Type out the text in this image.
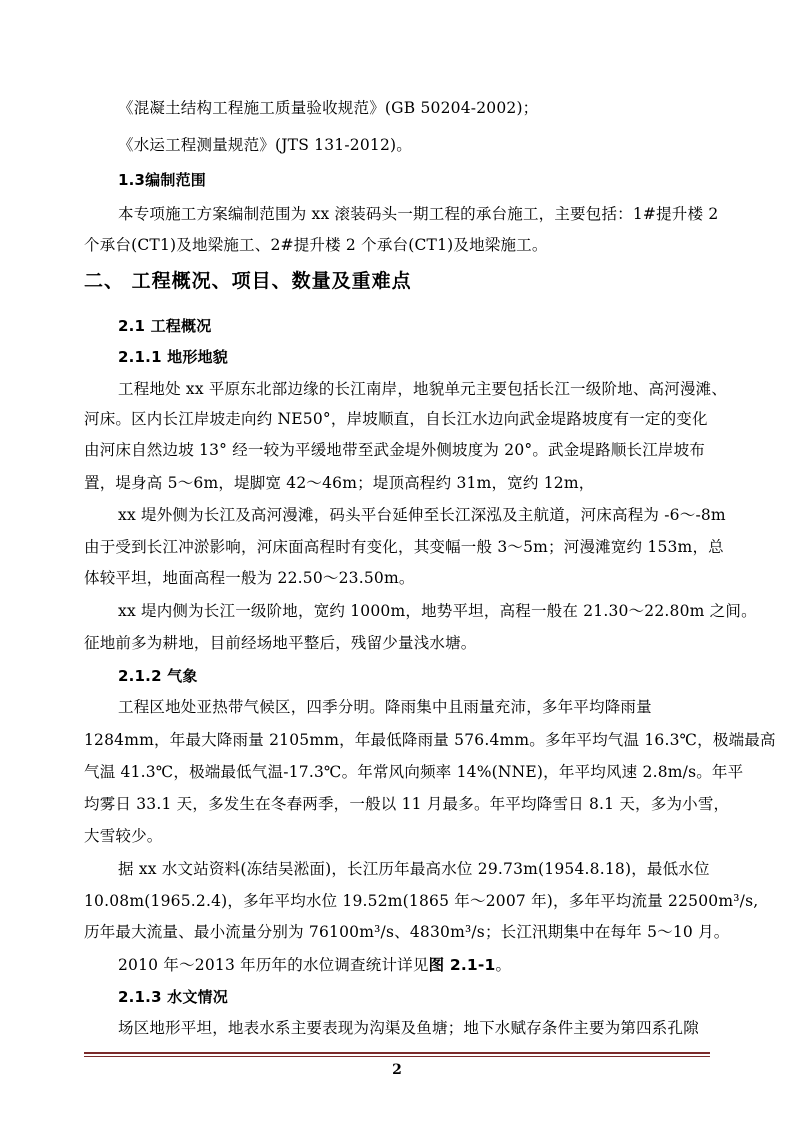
《混凝土结构工程施工质量验收规范》(GB 50204-2002)；
《水运工程测量规范》(JTS 131-2012)。
1.3编制范围
本专项施工方案编制范围为 xx 滚装码头一期工程的承台施工，主要包括：1#提升楼 2
个承台(CT1)及地梁施工、2#提升楼 2 个承台(CT1)及地梁施工。
二、 工程概况、项目、数量及重难点
2.1 工程概况
2.1.1 地形地貌
工程地处 xx 平原东北部边缘的长江南岸，地貌单元主要包括长江一级阶地、高河漫滩、
河床。区内长江岸坡走向约 NE50°，岸坡顺直，自长江水边向武金堤路坡度有一定的变化
由河床自然边坡 13° 经一较为平缓地带至武金堤外侧坡度为 20°。武金堤路顺长江岸坡布
置，堤身高 5～6m，堤脚宽 42～46m；堤顶高程约 31m，宽约 12m，
xx 堤外侧为长江及高河漫滩，码头平台延伸至长江深泓及主航道，河床高程为 -6～-8m
由于受到长江冲淤影响，河床面高程时有变化，其变幅一般 3～5m；河漫滩宽约 153m，总
体较平坦，地面高程一般为 22.50～23.50m。
xx 堤内侧为长江一级阶地，宽约 1000m，地势平坦，高程一般在 21.30～22.80m 之间。
征地前多为耕地，目前经场地平整后，残留少量浅水塘。
2.1.2 气象
工程区地处亚热带气候区，四季分明。降雨集中且雨量充沛，多年平均降雨量
1284mm，年最大降雨量 2105mm，年最低降雨量 576.4mm。多年平均气温 16.3℃，极端最高
气温 41.3℃，极端最低气温-17.3℃。年常风向频率 14%(NNE)，年平均风速 2.8m/s。年平
均雾日 33.1 天，多发生在冬春两季，一般以 11 月最多。年平均降雪日 8.1 天，多为小雪，
大雪较少。
据 xx 水文站资料(冻结吴淞面)，长江历年最高水位 29.73m(1954.8.18)，最低水位
10.08m(1965.2.4)，多年平均水位 19.52m(1865 年～2007 年)，多年平均流量 22500m³/s,
历年最大流量、最小流量分别为 76100m³/s、4830m³/s；长江汛期集中在每年 5～10 月。
2010 年～2013 年历年的水位调查统计详见图 2.1-1。
2.1.3 水文情况
场区地形平坦，地表水系主要表现为沟渠及鱼塘；地下水赋存条件主要为第四系孔隙
2
